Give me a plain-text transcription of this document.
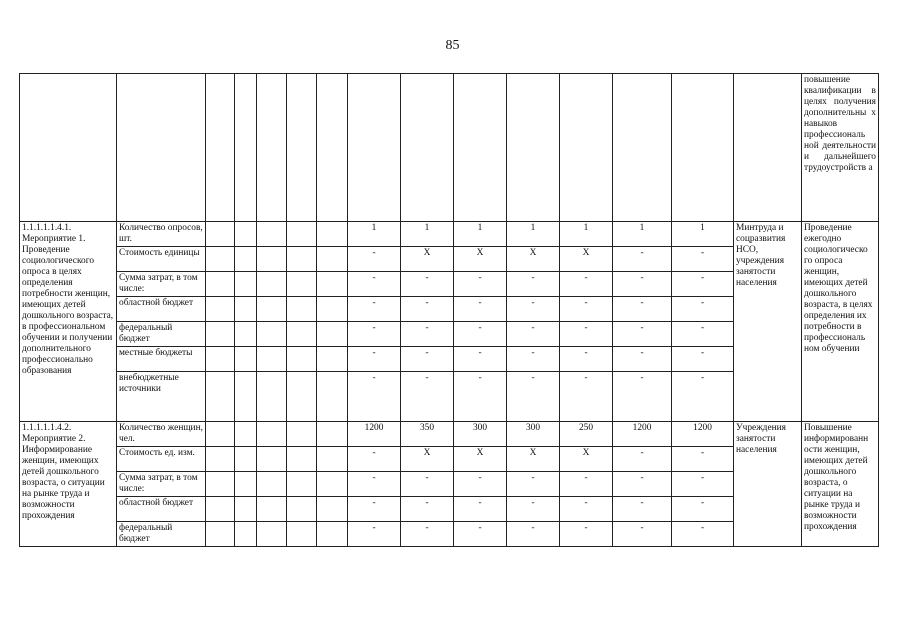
85
															повышение квалификации в целях получения дополнительны х навыков профессиональ ной деятельности и дальнейшего трудоустройств а
1.1.1.1.1.4.1. Мероприятие 1. Проведение социологического опроса в целях определения потребности женщин, имеющих детей дошкольного возраста, в профессиональном обучении и получении дополнительного профессионально образования	Количество опросов, шт.						1	1	1	1	1	1	1	Минтруда и соцразвития НСО, учреждения занятости населения	Проведение ежегодно социологическо го опроса женщин, имеющих детей дошкольного возраста, в целях определения их потребности в профессиональ ном обучении
	Стоимость единицы						-	X	X	X	X	-	-		
	Сумма затрат, в том числе:						-	-	-	-	-	-	-		
	областной бюджет						-	-	-	-	-	-	-		
	федеральный бюджет						-	-	-	-	-	-	-		
	местные бюджеты						-	-	-	-	-	-	-		
	внебюджетные источники						-	-	-	-	-	-	-		
1.1.1.1.1.4.2. Мероприятие 2. Информирование женщин, имеющих детей дошкольного возраста, о ситуации на рынке труда и возможности прохождения	Количество женщин, чел.						1200	350	300	300	250	1200	1200	Учреждения занятости населения	Повышение информированн ости женщин, имеющих детей дошкольного возраста, о ситуации на рынке труда и возможности прохождения
	Стоимость ед. изм.						-	X	X	X	X	-	-		
	Сумма затрат, в том числе:						-	-	-	-	-	-	-		
	областной бюджет						-	-	-	-	-	-	-		
	федеральный бюджет						-	-	-	-	-	-	-		
